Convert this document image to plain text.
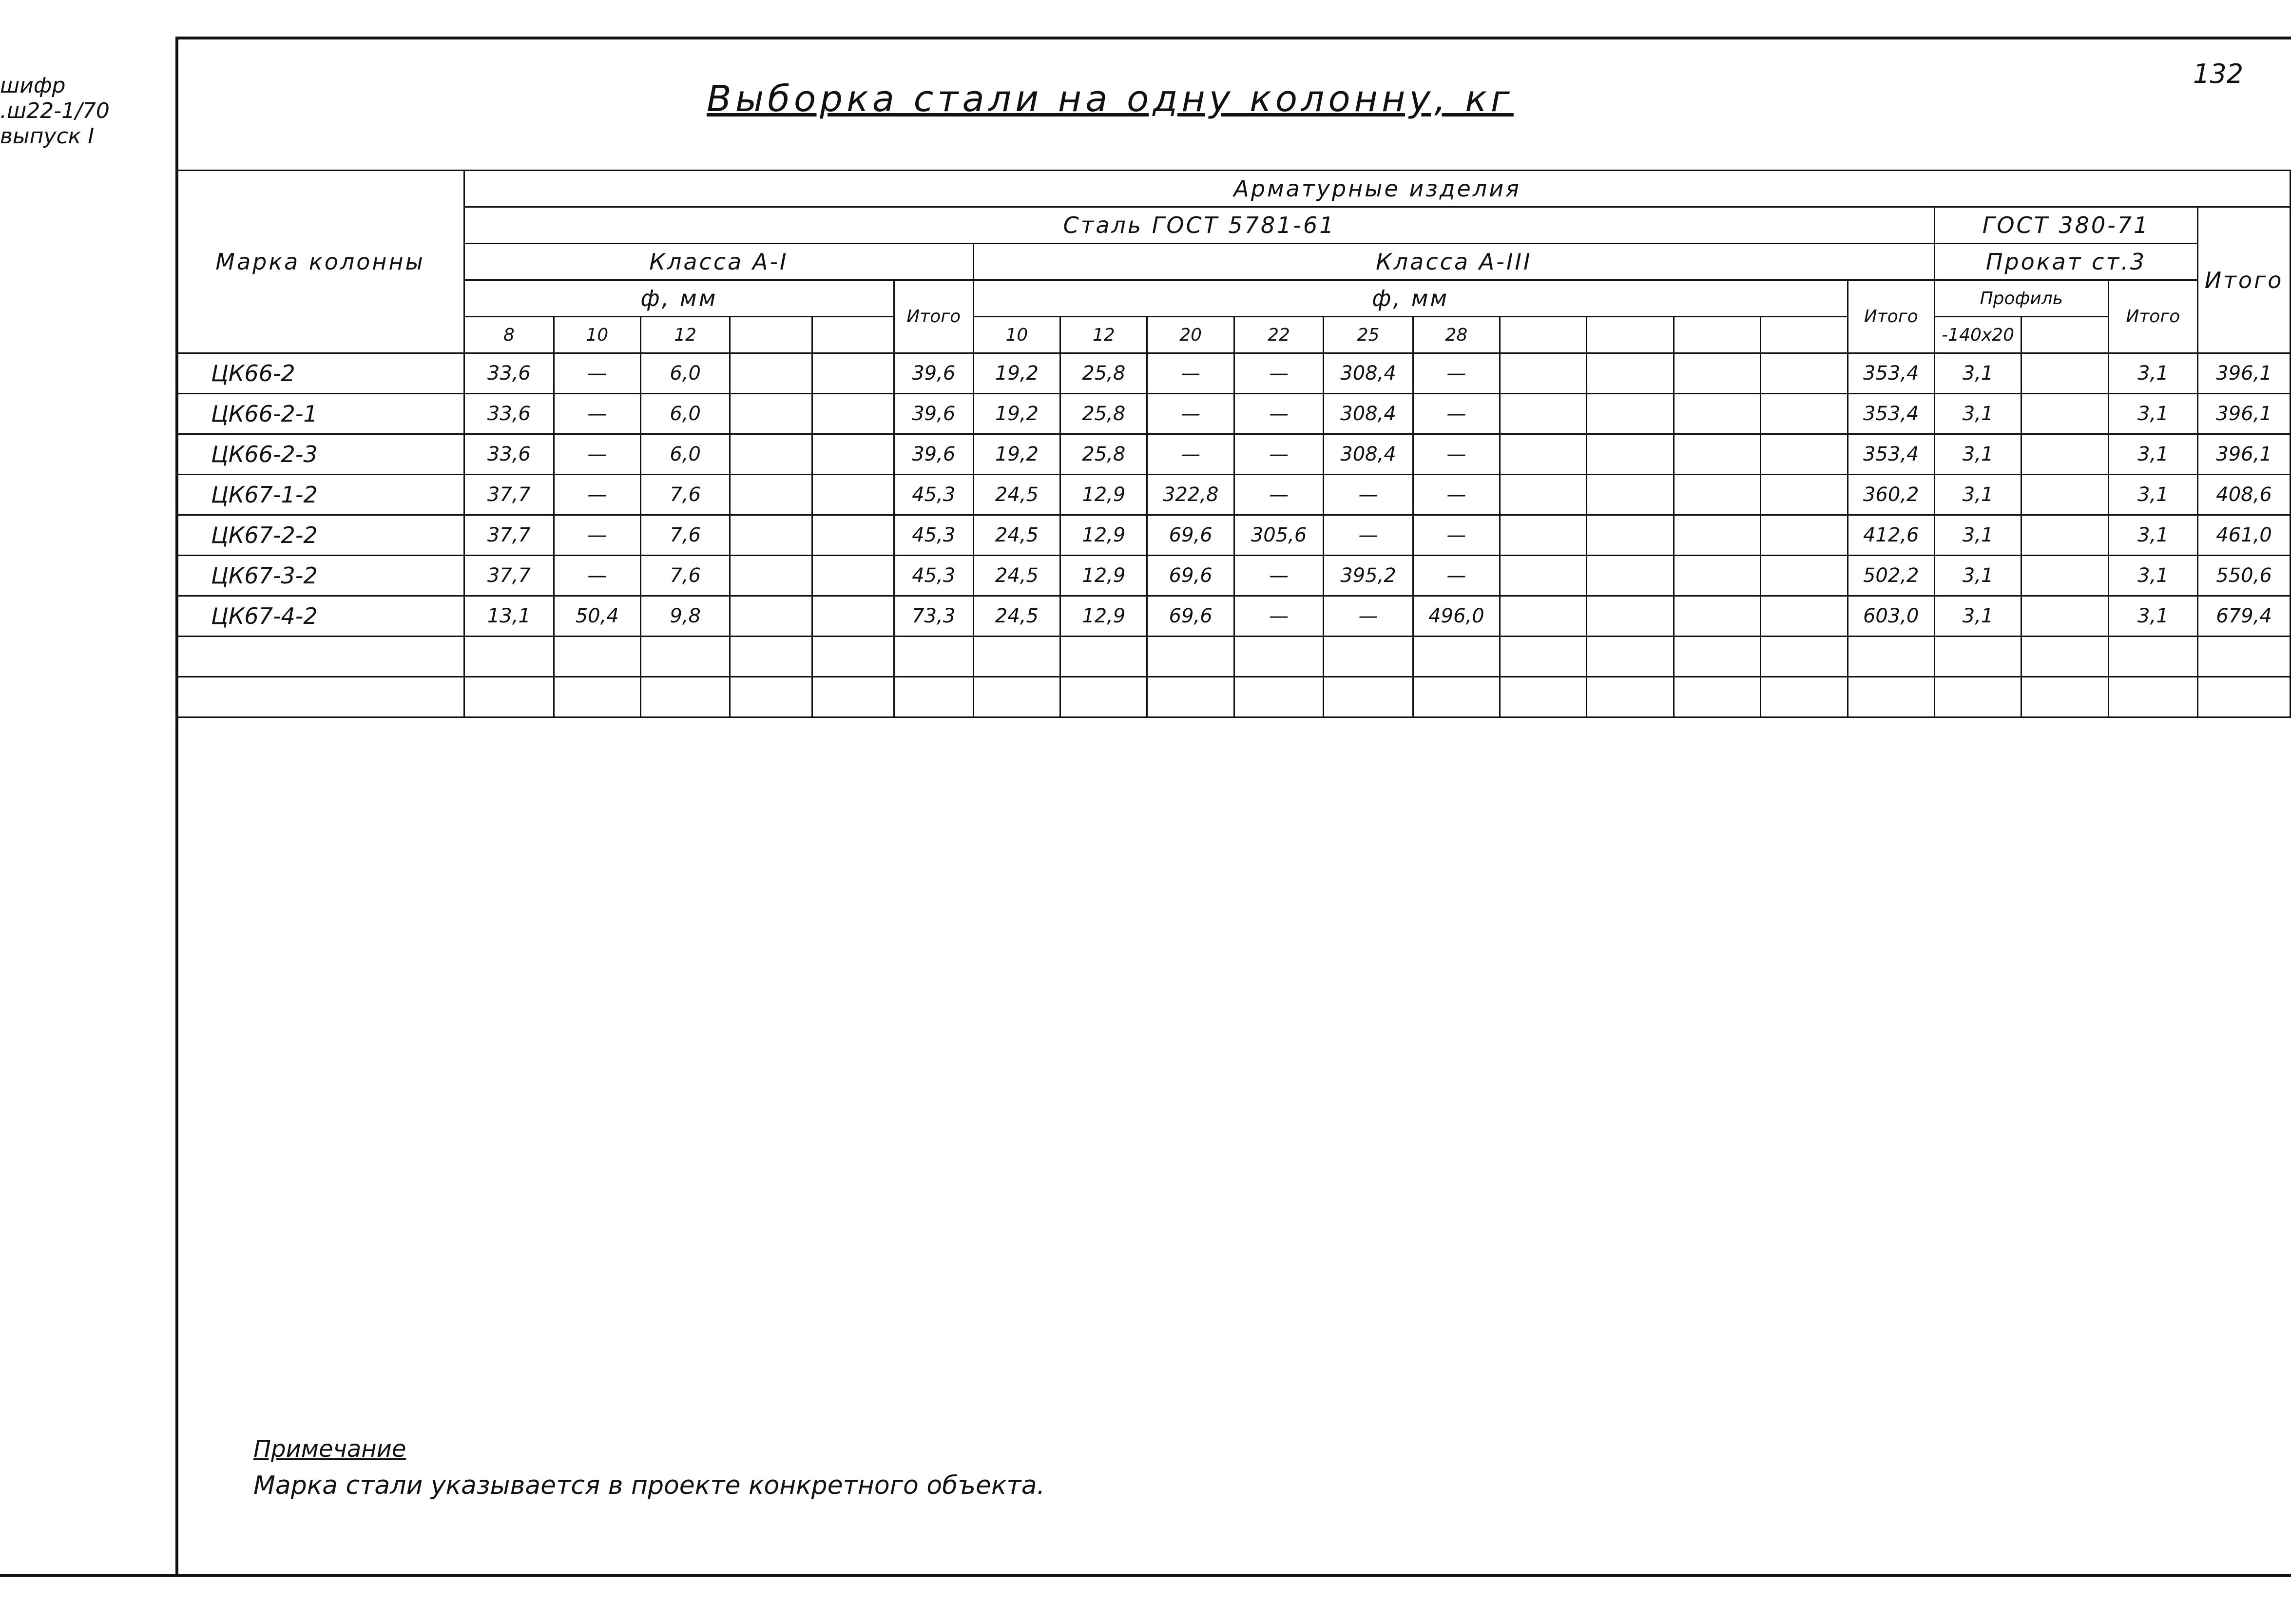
шифр
.ш22-1/70
выпуск I
132
Выборка стали на одну колонну, кг
Марка колонны	Арматурные изделия																				
	Сталь ГОСТ 5781-61																	ГОСТ 380-71			Итого
	Класса А-I						Класса А-III											Прокат ст.3			
	ф, мм					Итого	ф, мм										Итого	Профиль		Итого	
	8	10	12				10	12	20	22	25	28						-140х20			
ЦК66-2	33,6	—	6,0			39,6	19,2	25,8	—	—	308,4	—					353,4	3,1		3,1	396,1
ЦК66-2-1	33,6	—	6,0			39,6	19,2	25,8	—	—	308,4	—					353,4	3,1		3,1	396,1
ЦК66-2-3	33,6	—	6,0			39,6	19,2	25,8	—	—	308,4	—					353,4	3,1		3,1	396,1
ЦК67-1-2	37,7	—	7,6			45,3	24,5	12,9	322,8	—	—	—					360,2	3,1		3,1	408,6
ЦК67-2-2	37,7	—	7,6			45,3	24,5	12,9	69,6	305,6	—	—					412,6	3,1		3,1	461,0
ЦК67-3-2	37,7	—	7,6			45,3	24,5	12,9	69,6	—	395,2	—					502,2	3,1		3,1	550,6
ЦК67-4-2	13,1	50,4	9,8			73,3	24,5	12,9	69,6	—	—	496,0					603,0	3,1		3,1	679,4

Примечание
Марка стали указывается в проекте конкретного объекта.
